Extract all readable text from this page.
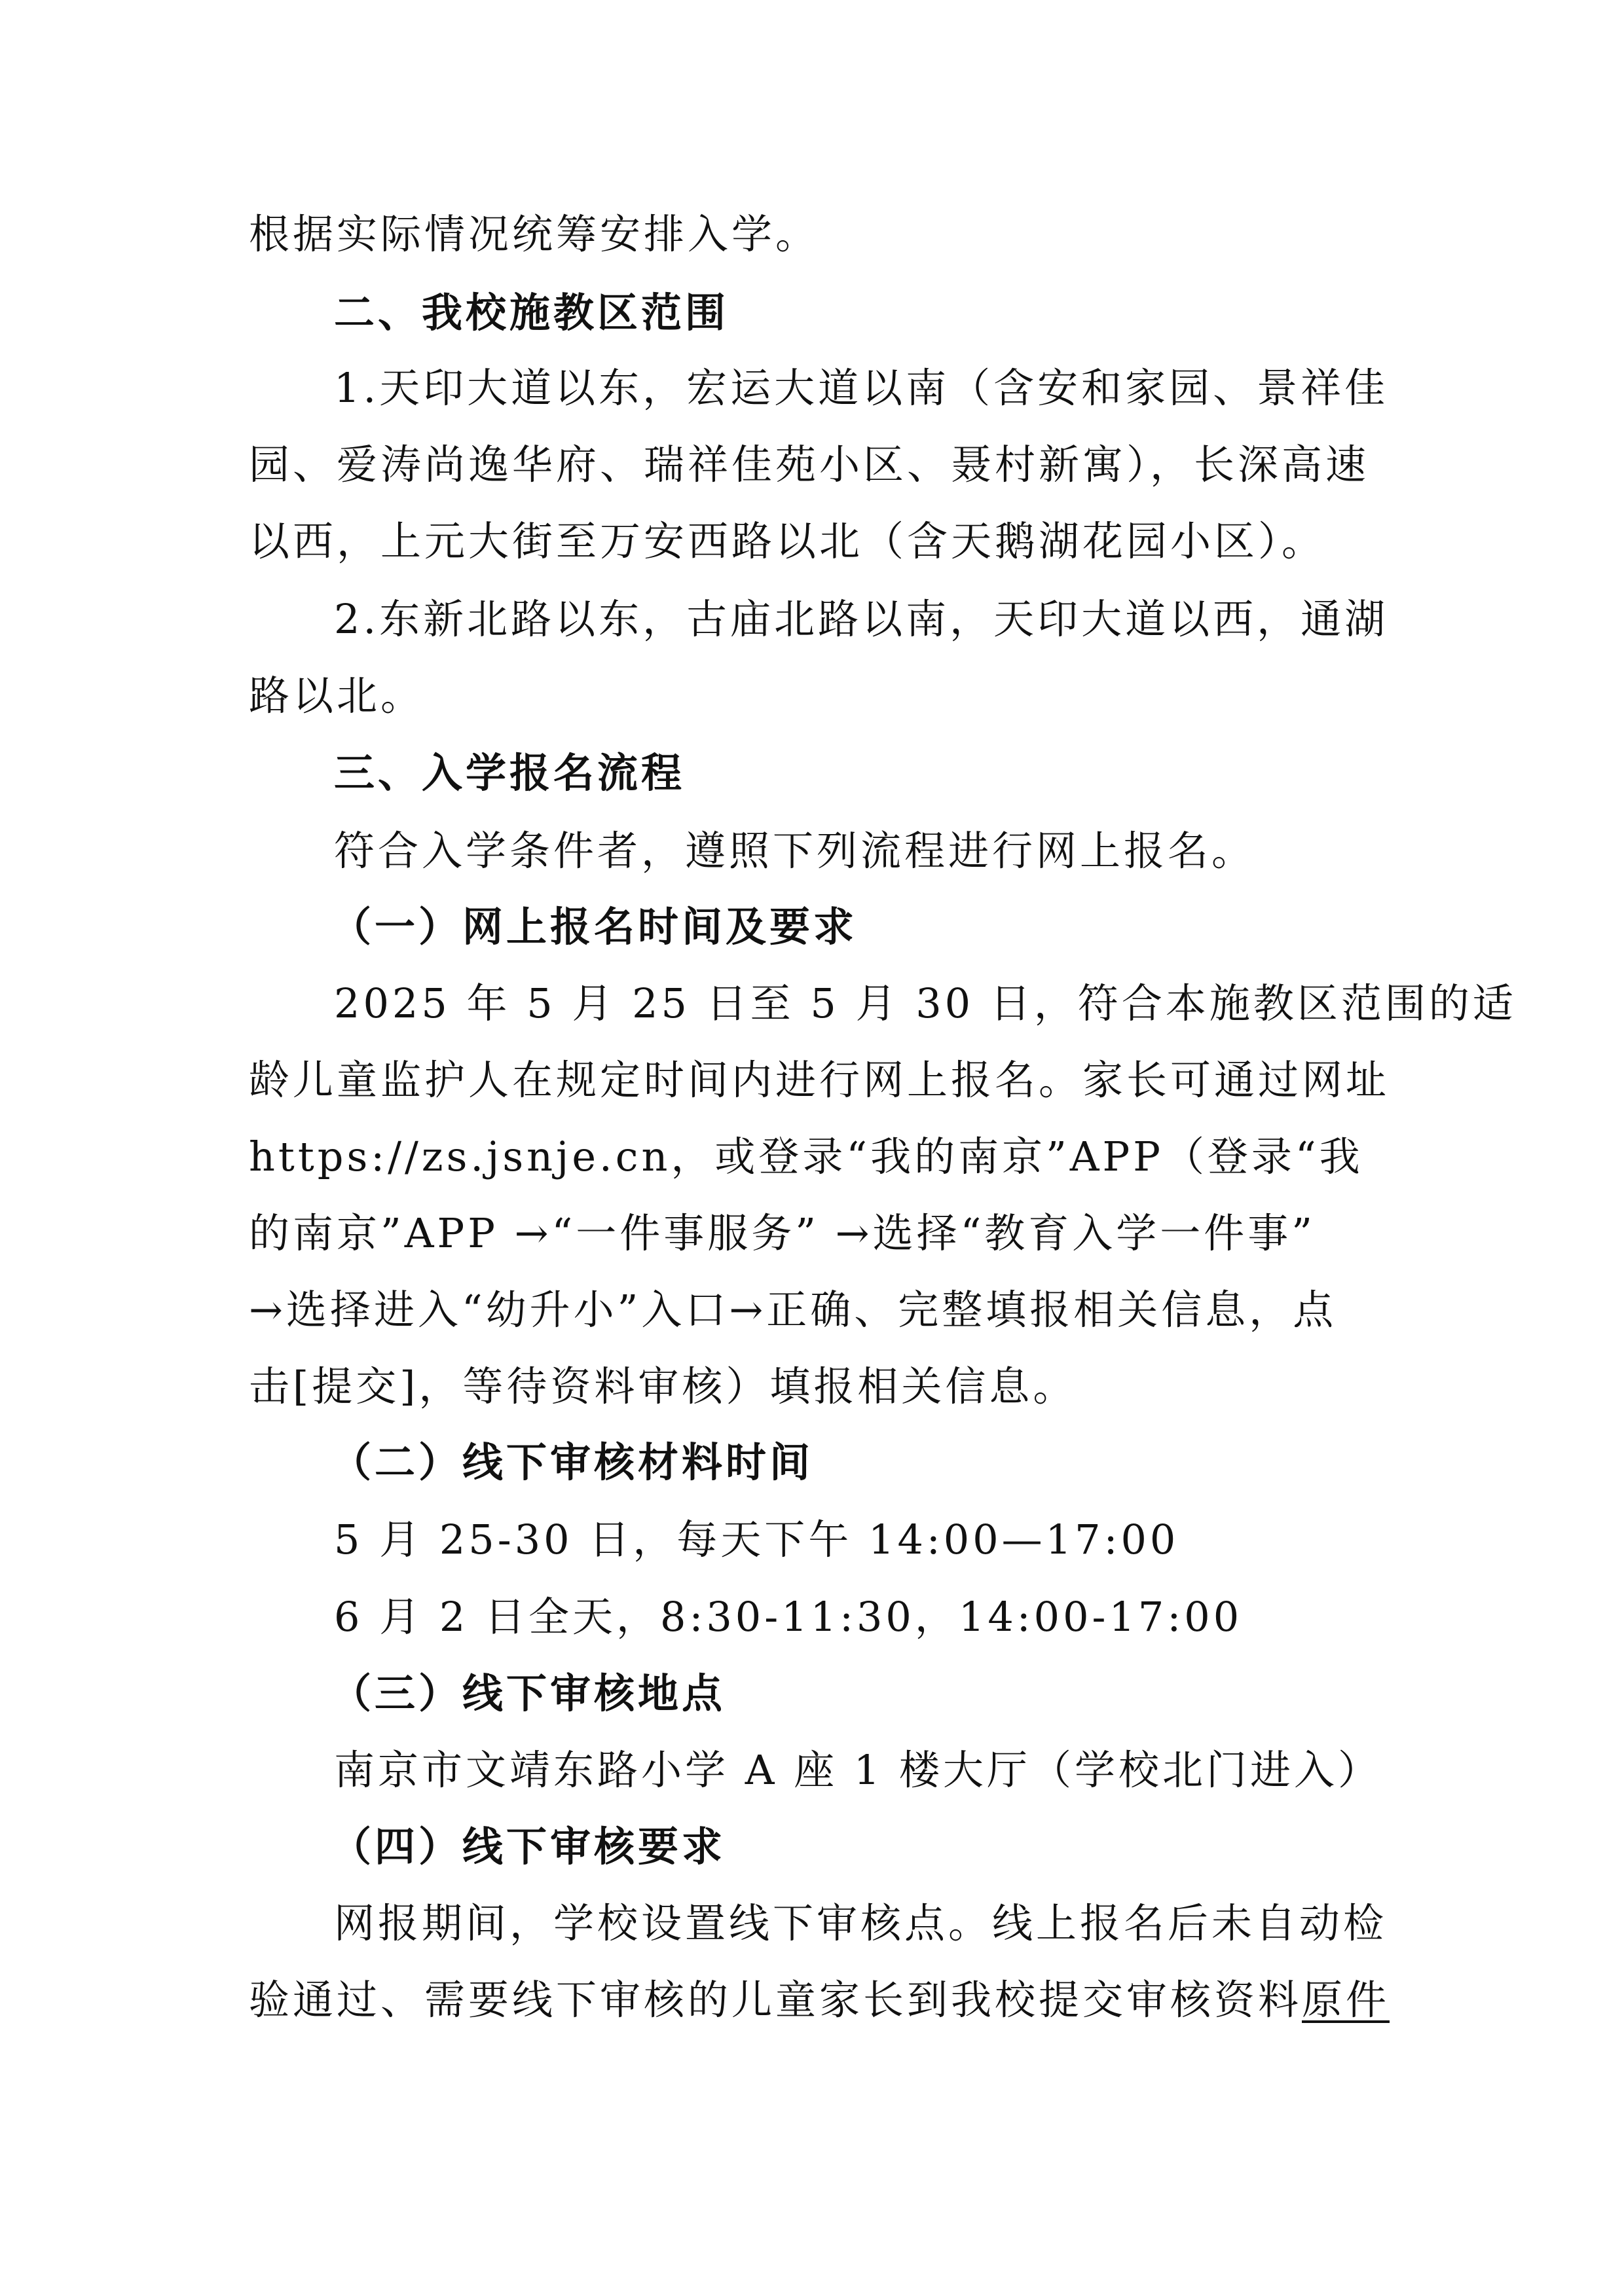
根据实际情况统筹安排入学。
二、我校施教区范围
1.天印大道以东，宏运大道以南（含安和家园、景祥佳
园、爱涛尚逸华府、瑞祥佳苑小区、聂村新寓），长深高速
以西，上元大街至万安西路以北（含天鹅湖花园小区）。
2.东新北路以东，古庙北路以南，天印大道以西，通湖
路以北。
三、入学报名流程
符合入学条件者，遵照下列流程进行网上报名。
（一）网上报名时间及要求
2025 年 5 月 25 日至 5 月 30 日，符合本施教区范围的适
龄儿童监护人在规定时间内进行网上报名。家长可通过网址
https://zs.jsnje.cn，或登录“我的南京”APP（登录“我
的南京”APP →“一件事服务” →选择“教育入学一件事”
→选择进入“幼升小”入口→正确、完整填报相关信息，点
击[提交]，等待资料审核）填报相关信息。
（二）线下审核材料时间
5 月 25-30 日，每天下午 14:00—17:00
6 月 2 日全天，8:30-11:30，14:00-17:00
（三）线下审核地点
南京市文靖东路小学 A 座 1 楼大厅（学校北门进入）
（四）线下审核要求
网报期间，学校设置线下审核点。线上报名后未自动检
验通过、需要线下审核的儿童家长到我校提交审核资料原件
